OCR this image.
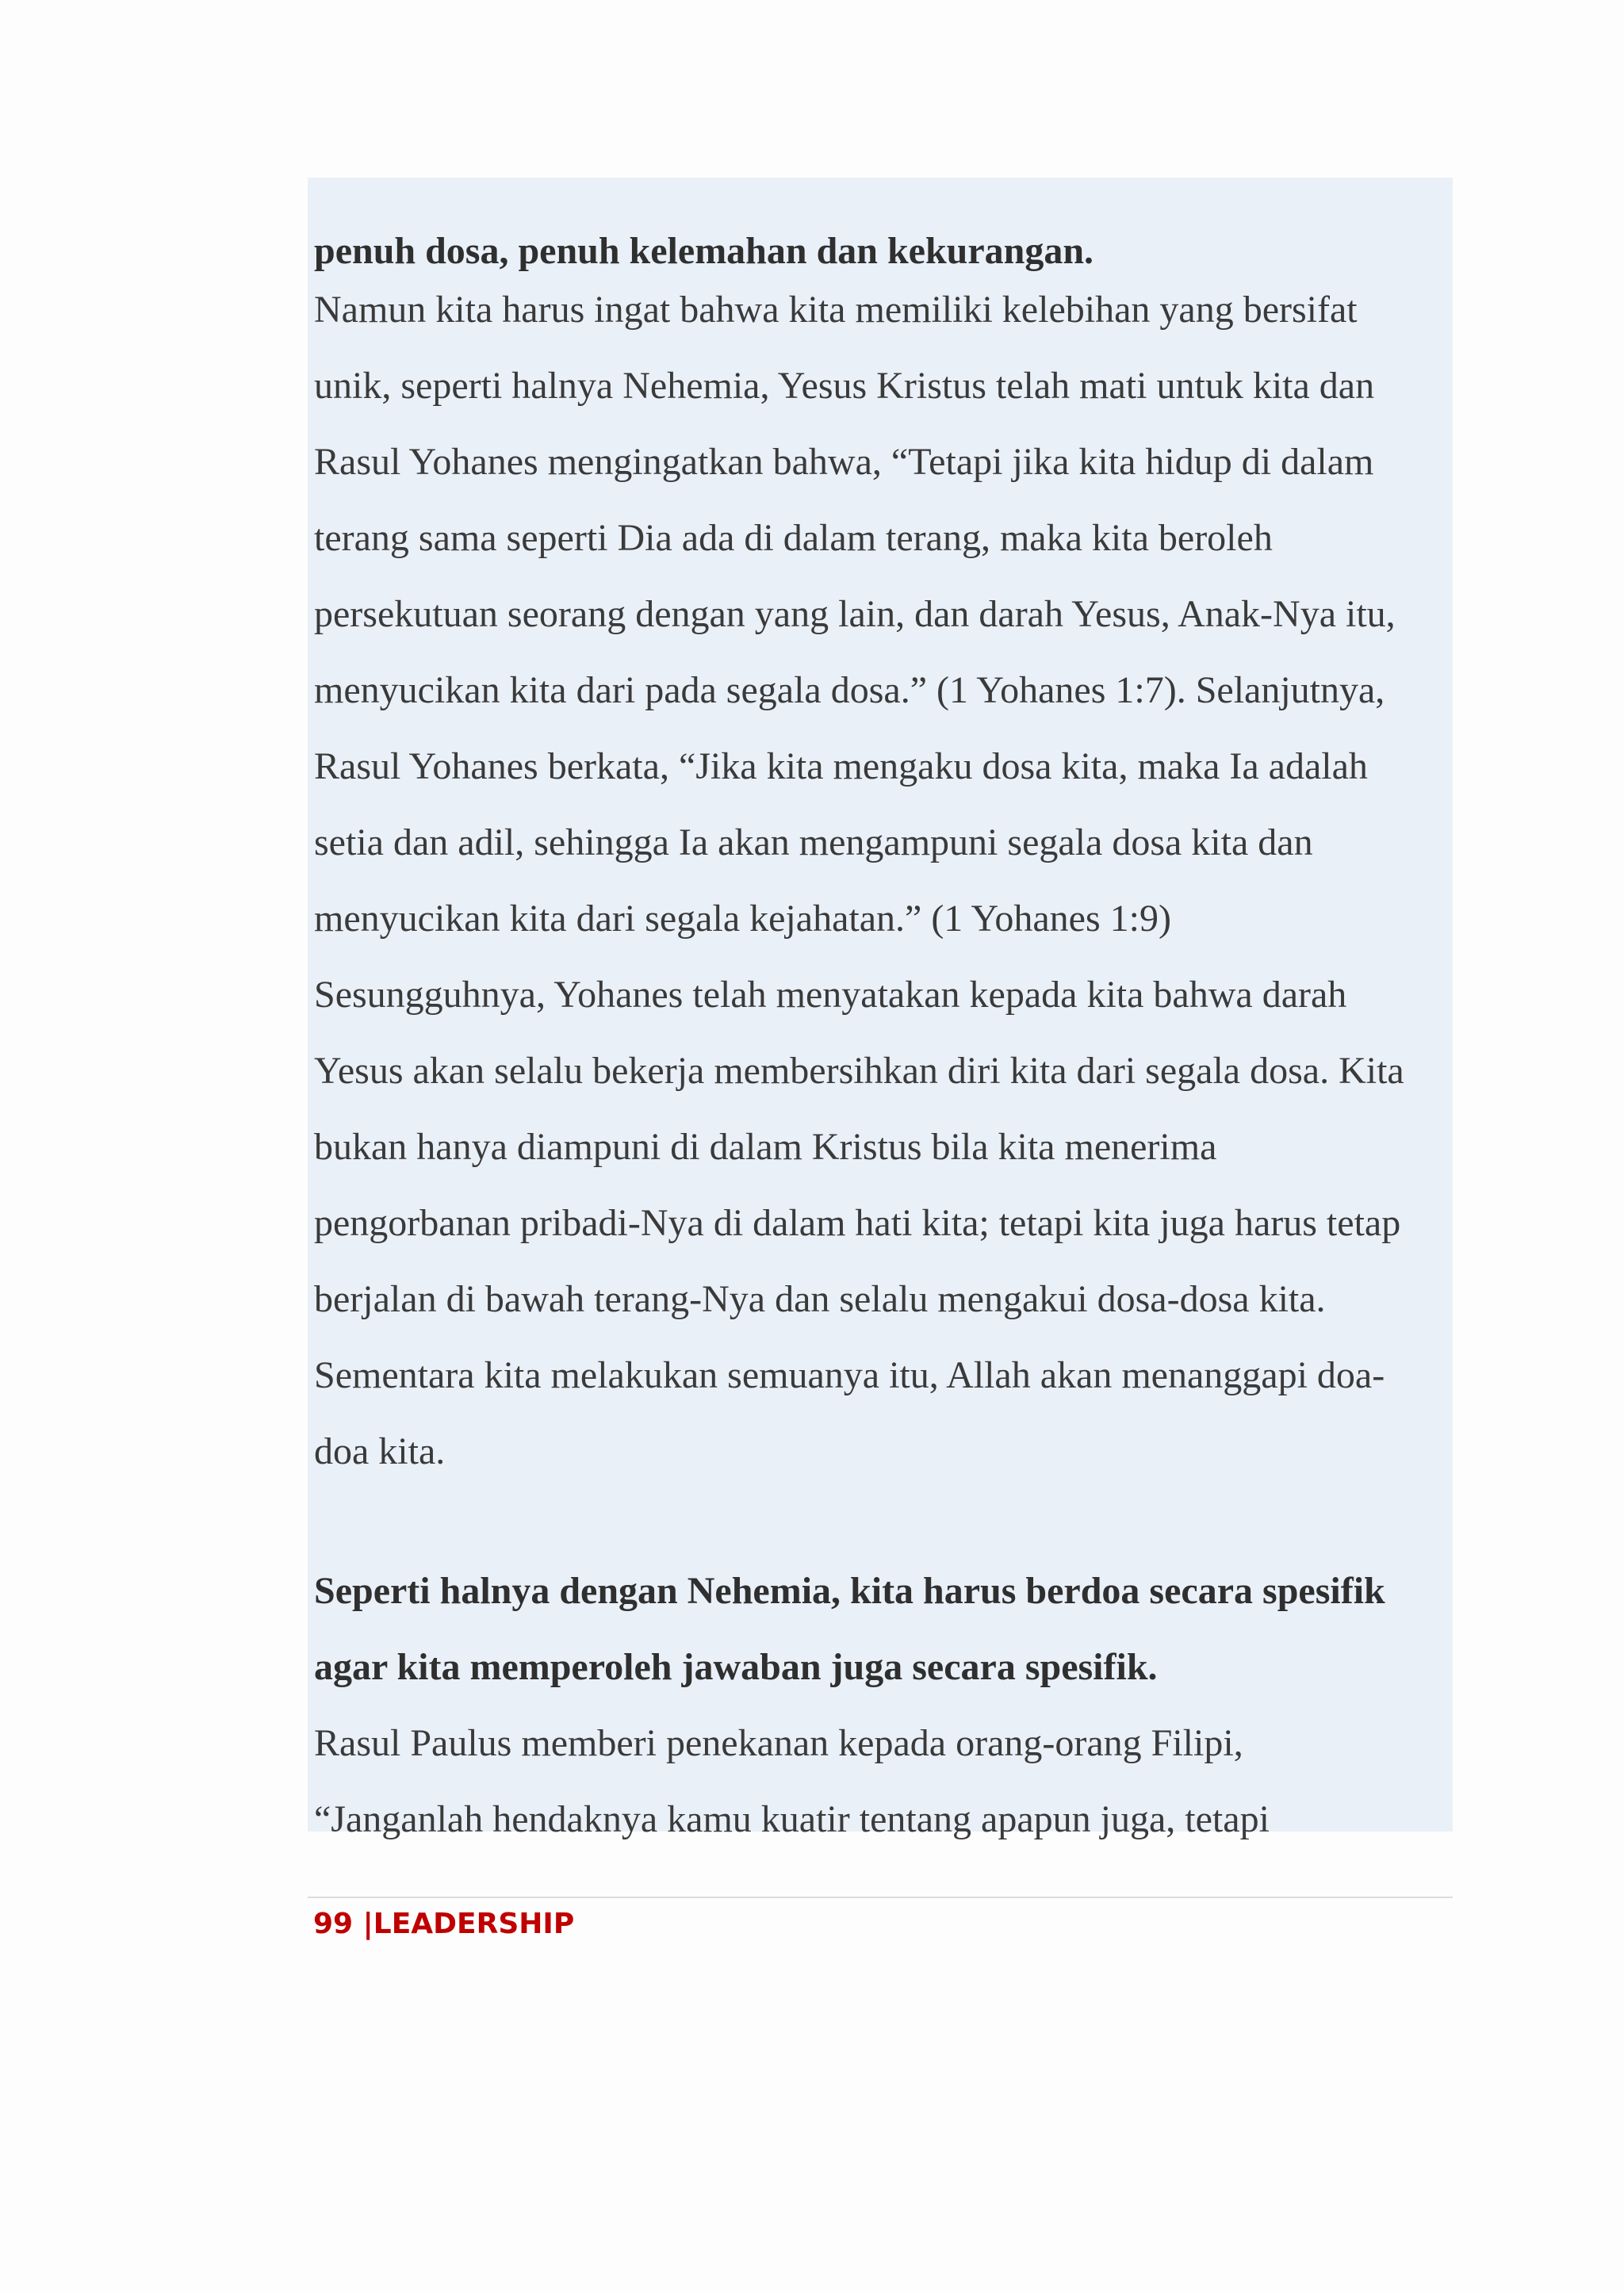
penuh dosa, penuh kelemahan dan kekurangan.
Namun kita harus ingat bahwa kita memiliki kelebihan yang bersifat
unik, seperti halnya Nehemia, Yesus Kristus telah mati untuk kita dan
Rasul Yohanes mengingatkan bahwa, “Tetapi jika kita hidup di dalam
terang sama seperti Dia ada di dalam terang, maka kita beroleh
persekutuan seorang dengan yang lain, dan darah Yesus, Anak-Nya itu,
menyucikan kita dari pada segala dosa.” (1 Yohanes 1:7). Selanjutnya,
Rasul Yohanes berkata, “Jika kita mengaku dosa kita, maka Ia adalah
setia dan adil, sehingga Ia akan mengampuni segala dosa kita dan
menyucikan kita dari segala kejahatan.” (1 Yohanes 1:9)
Sesungguhnya, Yohanes telah menyatakan kepada kita bahwa darah
Yesus akan selalu bekerja membersihkan diri kita dari segala dosa. Kita
bukan hanya diampuni di dalam Kristus bila kita menerima
pengorbanan pribadi-Nya di dalam hati kita; tetapi kita juga harus tetap
berjalan di bawah terang-Nya dan selalu mengakui dosa-dosa kita.
Sementara kita melakukan semuanya itu, Allah akan menanggapi doa-
doa kita.
Seperti halnya dengan Nehemia, kita harus berdoa secara spesifik
agar kita memperoleh jawaban juga secara spesifik.
Rasul Paulus memberi penekanan kepada orang-orang Filipi,
“Janganlah hendaknya kamu kuatir tentang apapun juga, tetapi
99 |LEADERSHIP
